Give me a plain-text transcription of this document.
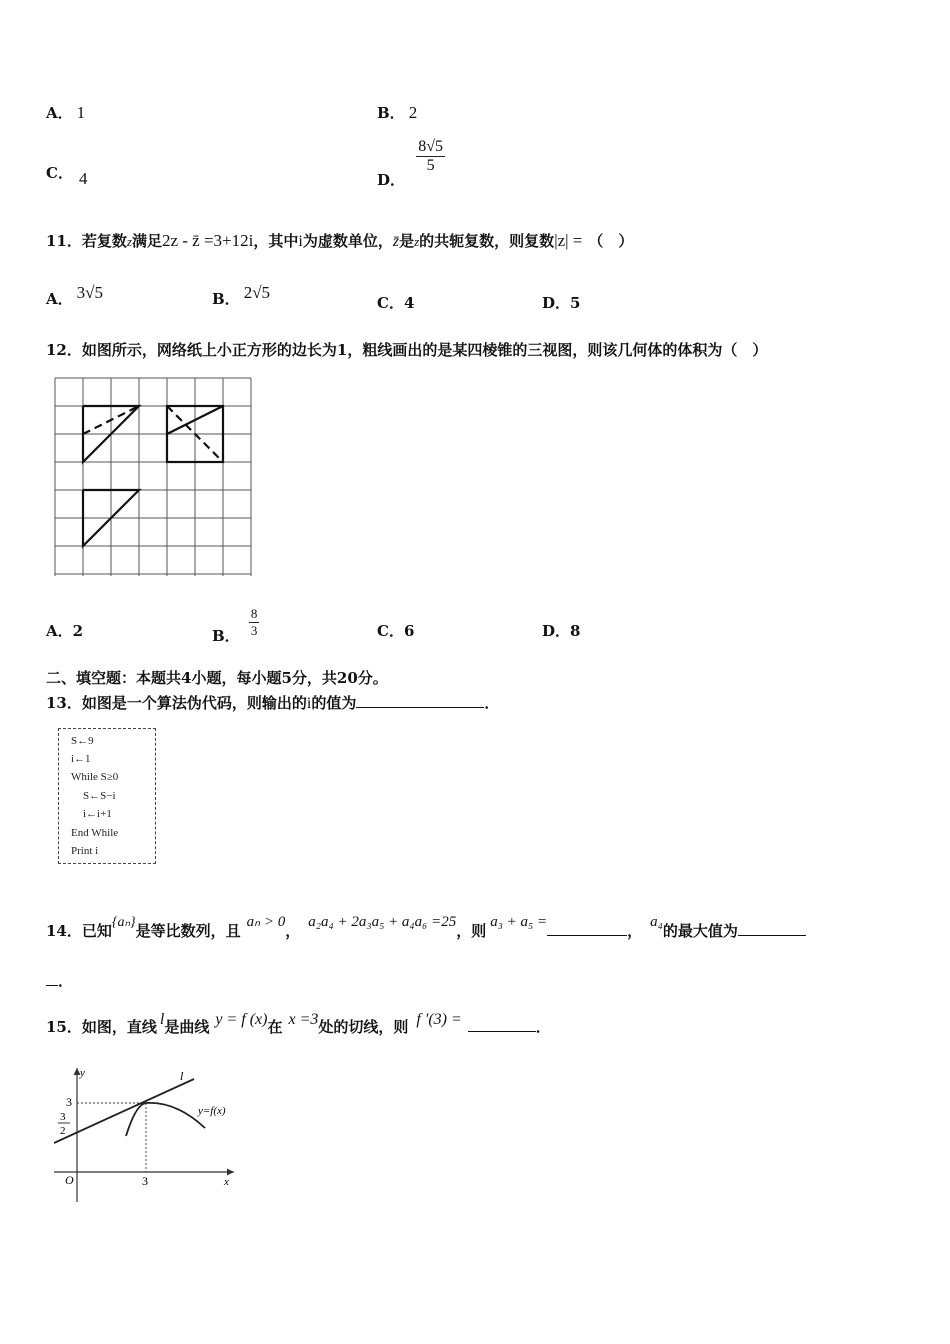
A． 1	B． 2
C． 4	D．
$\frac{8√5}{5}$
11．若复数z满足2z - z̄ =3+12i，其中i为虚数单位，z̄是z的共轭复数，则复数|z| = （　）
A． 3√5	B． 2√5
C．4	D．5
12．如图所示，网络纸上小正方形的边长为1，粗线画出的是某四棱锥的三视图，则该几何体的体积为（　）
A．2	B． $\frac{8}{3}$	C．6	D．8
二、填空题：本题共4小题，每小题5分，共20分。
13．如图是一个算法伪代码，则输出的i的值为	．
S←9
i←1
While S≥0
S←S−i
i←i+1
End While
Print i
14．已知{aₙ}是等比数列，且 aₙ > 0， a₂a₄ + 2a₃a₅ + a₄a₆ =25，则 a₃ + a₅ =	， a₄的最大值为
．
15．如图，直线 l是曲线 y = f (x)在 x =3处的切线，则 f ′(3) =	．
y
x
O
l
y=f(x)
3
3
2
3
